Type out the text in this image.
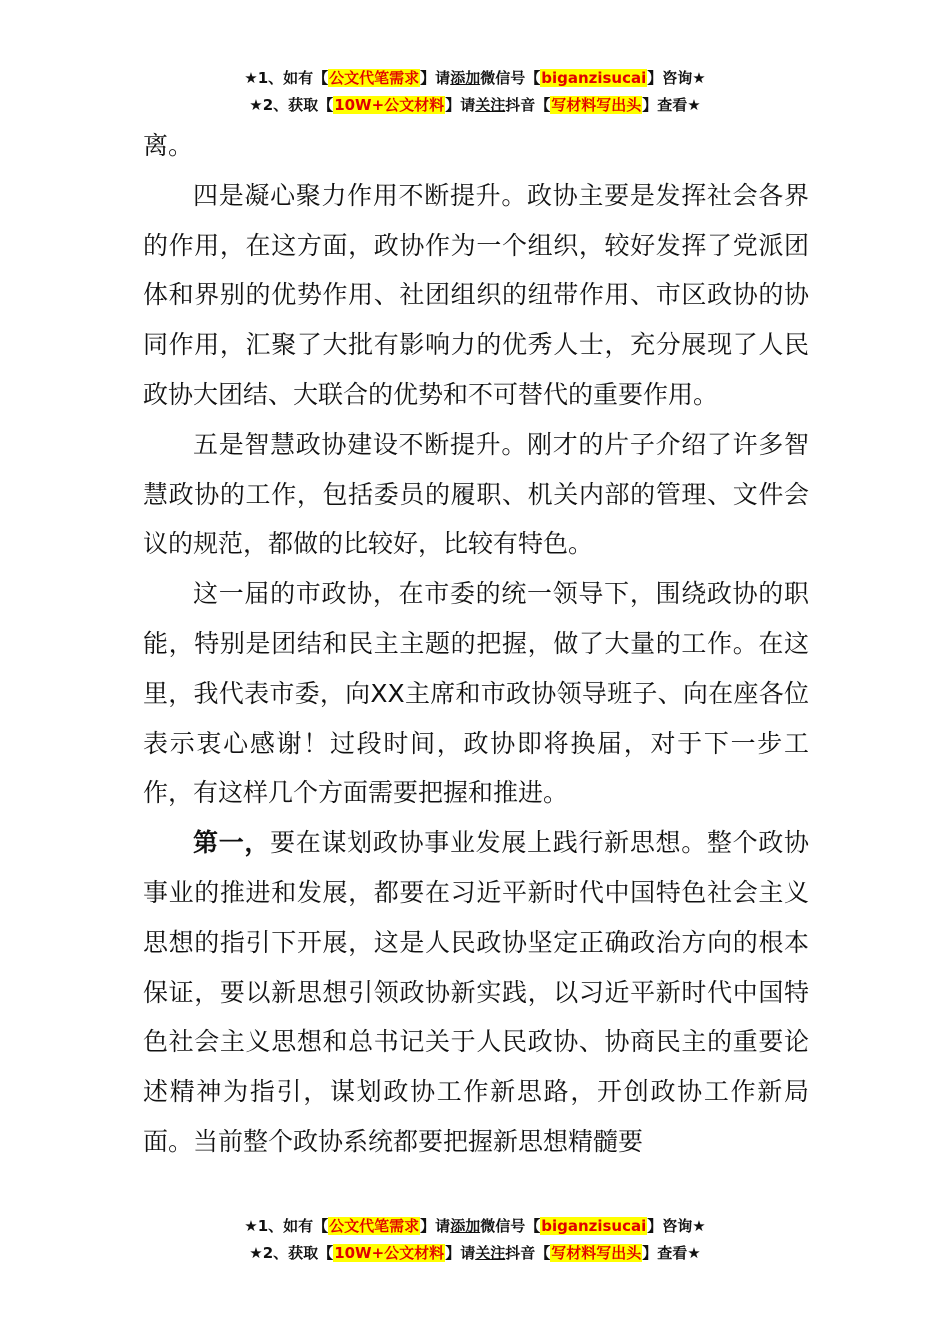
★1、如有【公文代笔需求】请添加微信号【biganzisucai】咨询★
★2、获取【10W+公文材料】请关注抖音【写材料写出头】查看★

离。

四是凝心聚力作用不断提升。政协主要是发挥社会各界的作用，在这方面，政协作为一个组织，较好发挥了党派团体和界别的优势作用、社团组织的纽带作用、市区政协的协同作用，汇聚了大批有影响力的优秀人士，充分展现了人民政协大团结、大联合的优势和不可替代的重要作用。

五是智慧政协建设不断提升。刚才的片子介绍了许多智慧政协的工作，包括委员的履职、机关内部的管理、文件会议的规范，都做的比较好，比较有特色。

这一届的市政协，在市委的统一领导下，围绕政协的职能，特别是团结和民主主题的把握，做了大量的工作。在这里，我代表市委，向XX主席和市政协领导班子、向在座各位表示衷心感谢！过段时间，政协即将换届，对于下一步工作，有这样几个方面需要把握和推进。

第一，要在谋划政协事业发展上践行新思想。整个政协事业的推进和发展，都要在习近平新时代中国特色社会主义思想的指引下开展，这是人民政协坚定正确政治方向的根本保证，要以新思想引领政协新实践，以习近平新时代中国特色社会主义思想和总书记关于人民政协、协商民主的重要论述精神为指引，谋划政协工作新思路，开创政协工作新局面。当前整个政协系统都要把握新思想精髓要

★1、如有【公文代笔需求】请添加微信号【biganzisucai】咨询★
★2、获取【10W+公文材料】请关注抖音【写材料写出头】查看★
